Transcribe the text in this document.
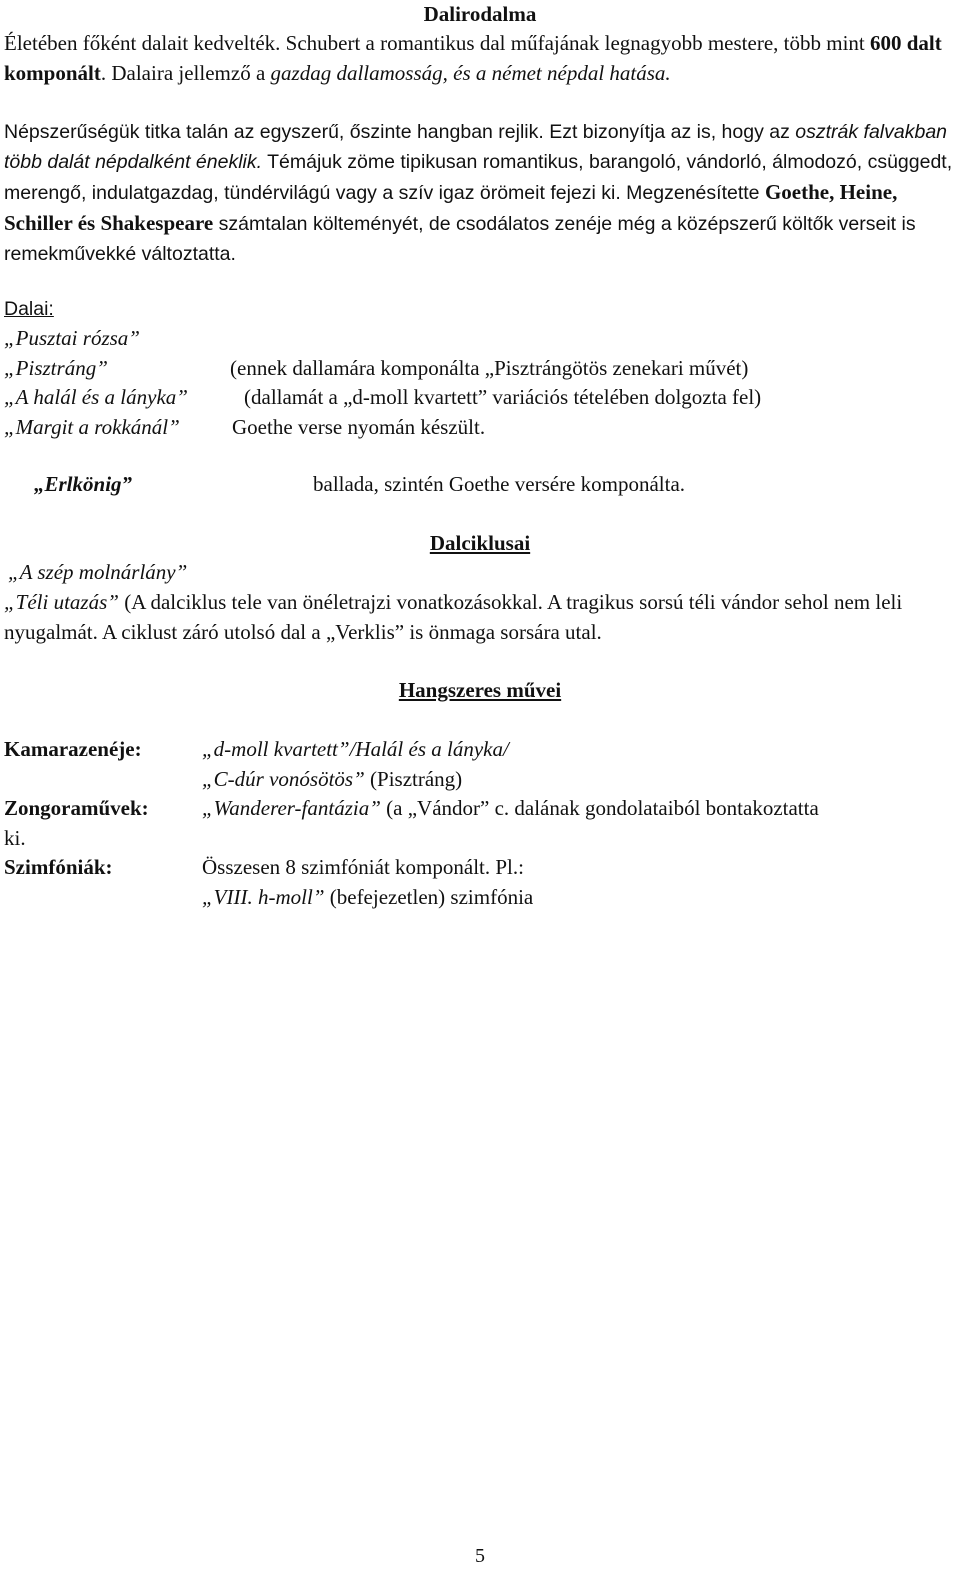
Dalirodalma

Életében főként dalait kedvelték. Schubert a romantikus dal műfajának legnagyobb mestere, több mint 600 dalt komponált. Dalaira jellemző a gazdag dallamosság, és a német népdal hatása.

Népszerűségük titka talán az egyszerű, őszinte hangban rejlik. Ezt bizonyítja az is, hogy az osztrák falvakban több dalát népdalként éneklik. Témájuk zöme tipikusan romantikus, barangoló, vándorló, álmodozó, csüggedt, merengő, indulatgazdag, tündérvilágú vagy a szív igaz örömeit fejezi ki. Megzenésítette Goethe, Heine, Schiller és Shakespeare számtalan költeményét, de csodálatos zenéje még a középszerű költők verseit is remekművekké változtatta.

Dalai:
„Pusztai rózsa”
„Pisztráng”	(ennek dallamára komponálta „Pisztrángötös zenekari művét)
„A halál és a lányka”	(dallamát a „d-moll kvartett” variációs tételében dolgozta fel)
„Margit a rokkánál” Goethe verse nyomán készült.
„Erlkönig”	ballada, szintén Goethe versére komponálta.
Dalciklusai
„A szép molnárlány”

„Téli utazás” (A dalciklus tele van önéletrajzi vonatkozásokkal. A tragikus sorsú téli vándor sehol nem leli nyugalmát. A ciklust záró utolsó dal a „Verklis” is önmaga sorsára utal.

Hangszeres művei
Kamarazenéje:	„d-moll kvartett”/Halál és a lányka/
„C-dúr vonósötös” (Pisztráng)
Zongoraművek:	„Wanderer-fantázia” (a „Vándor” c. dalának gondolataiból bontakoztatta
ki.
Szimfóniák:	Összesen 8 szimfóniát komponált. Pl.:
„VIII. h-moll” (befejezetlen) szimfónia
5
